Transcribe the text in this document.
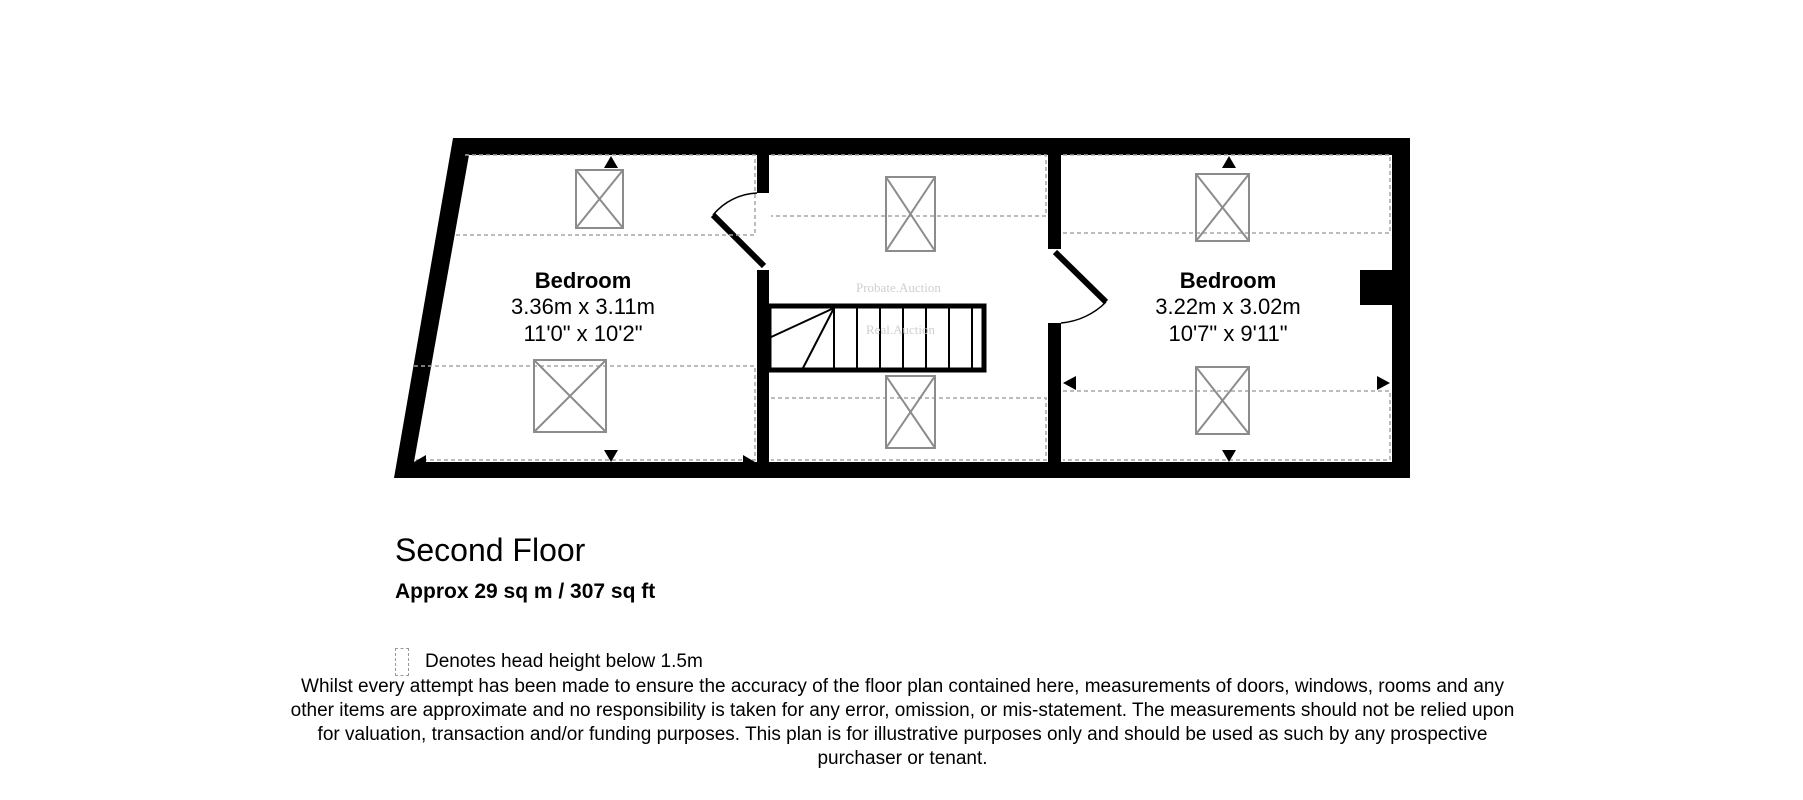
Probate.Auction
Real.Auction
Bedroom
3.36m x 3.11m
11'0" x 10'2"
Bedroom
3.22m x 3.02m
10'7" x 9'11"
Second Floor
Approx 29 sq m / 307 sq ft
Denotes head height below 1.5m
Whilst every attempt has been made to ensure the accuracy of the floor plan contained here, measurements of doors, windows, rooms and any other items are approximate and no responsibility is taken for any error, omission, or mis-statement. The measurements should not be relied upon for valuation, transaction and/or funding purposes. This plan is for illustrative purposes only and should be used as such by any prospective purchaser or tenant.
